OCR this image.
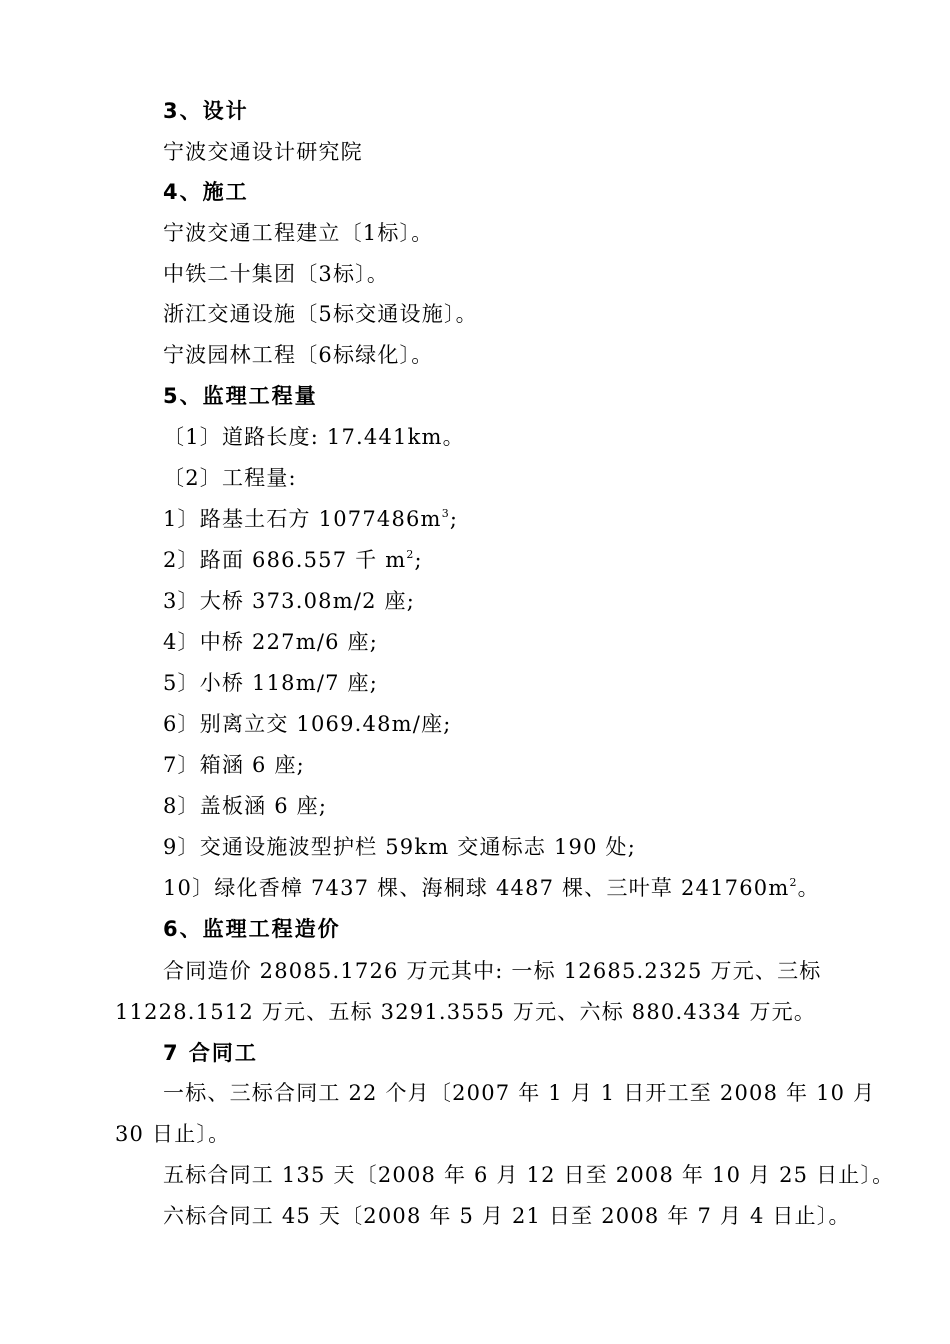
3、设计
宁波交通设计研究院
4、施工
宁波交通工程建立〔1标〕。
中铁二十集团〔3标〕。
浙江交通设施〔5标交通设施〕。
宁波园林工程〔6标绿化〕。
5、监理工程量
〔1〕道路长度: 17.441km。
〔2〕工程量:
1〕路基土石方 $1077486m^3$;
2〕路面 686.557 千 $m^2$;
3〕大桥 373.08m/2 座;
4〕中桥 227m/6 座;
5〕小桥 118m/7 座;
6〕别离立交 1069.48m/座;
7〕箱涵 6 座;
8〕盖板涵 6 座;
9〕交通设施波型护栏 59km 交通标志 190 处;
10〕绿化香樟 7437 棵、海桐球 4487 棵、三叶草 $241760m^2$。
6、监理工程造价
合同造价 28085.1726 万元其中: 一标 12685.2325 万元、三标
11228.1512 万元、五标 3291.3555 万元、六标 880.4334 万元。
7 合同工
一标、三标合同工 22 个月〔2007 年 1 月 1 日开工至 2008 年 10 月
30 日止〕。
五标合同工 135 天〔2008 年 6 月 12 日至 2008 年 10 月 25 日止〕。
六标合同工 45 天〔2008 年 5 月 21 日至 2008 年 7 月 4 日止〕。
